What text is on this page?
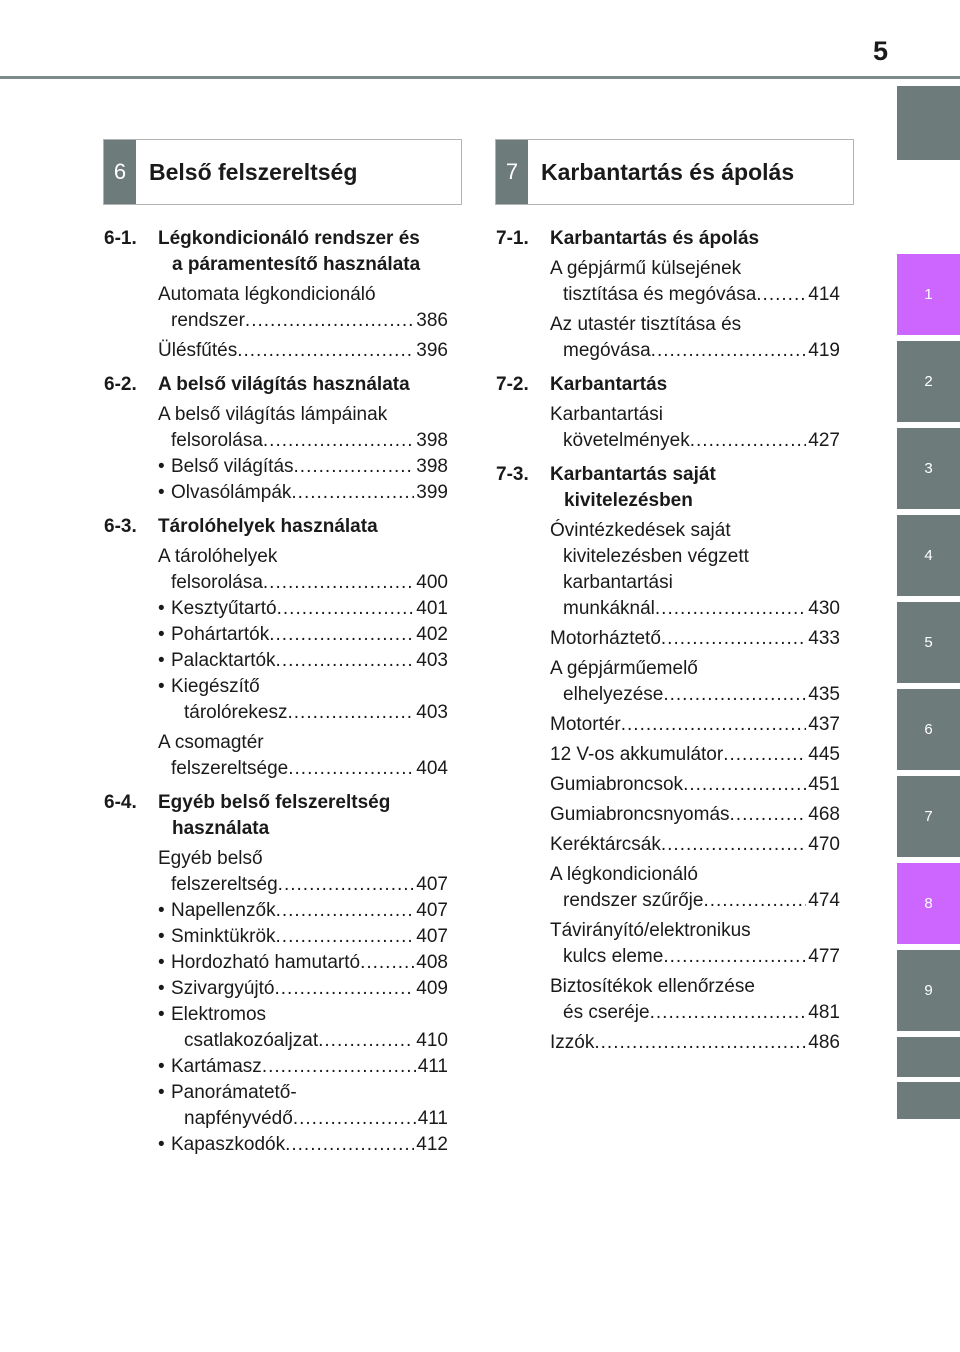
5
1
2
3
4
5
6
7
8
9
6 Belső felszereltség	7 Karbantartás és ápolás
6-1. Légkondicionáló rendszer és
a páramentesítő használata
Automata légkondicionáló
rendszer .....	386
Ülésfűtés .....	396
6-2. A belső világítás használata
A belső világítás lámpáinak
felsorolása .....	398
• Belső világítás .....	398
• Olvasólámpák .....	399
6-3. Tárolóhelyek használata
A tárolóhelyek
felsorolása .....	400
• Kesztyűtartó .....	401
• Pohártartók .....	402
• Palacktartók .....	403
• Kiegészítő
tárolórekesz .....	403
A csomagtér
felszereltsége .....	404
6-4. Egyéb belső felszereltség
használata
Egyéb belső
felszereltség .....	407
• Napellenzők .....	407
• Sminktükrök .....	407
• Hordozható hamutartó .....	408
• Szivargyújtó .....	409
• Elektromos
csatlakozóaljzat .....	410
• Kartámasz .....	411
• Panorámatető-
napfényvédő .....	411
• Kapaszkodók .....	412
7-1. Karbantartás és ápolás
A gépjármű külsejének
tisztítása és megóvása .....	414
Az utastér tisztítása és
megóvása .....	419
7-2. Karbantartás
Karbantartási
követelmények .....	427
7-3. Karbantartás saját
kivitelezésben
Óvintézkedések saját
kivitelezésben végzett
karbantartási
munkáknál .....	430
Motorháztető .....	433
A gépjárműemelő
elhelyezése .....	435
Motortér .....	437
12 V-os akkumulátor .....	445
Gumiabroncsok .....	451
Gumiabroncsnyomás .....	468
Keréktárcsák .....	470
A légkondicionáló
rendszer szűrője .....	474
Távirányító/elektronikus
kulcs eleme .....	477
Biztosítékok ellenőrzése
és cseréje .....	481
Izzók .....	486
